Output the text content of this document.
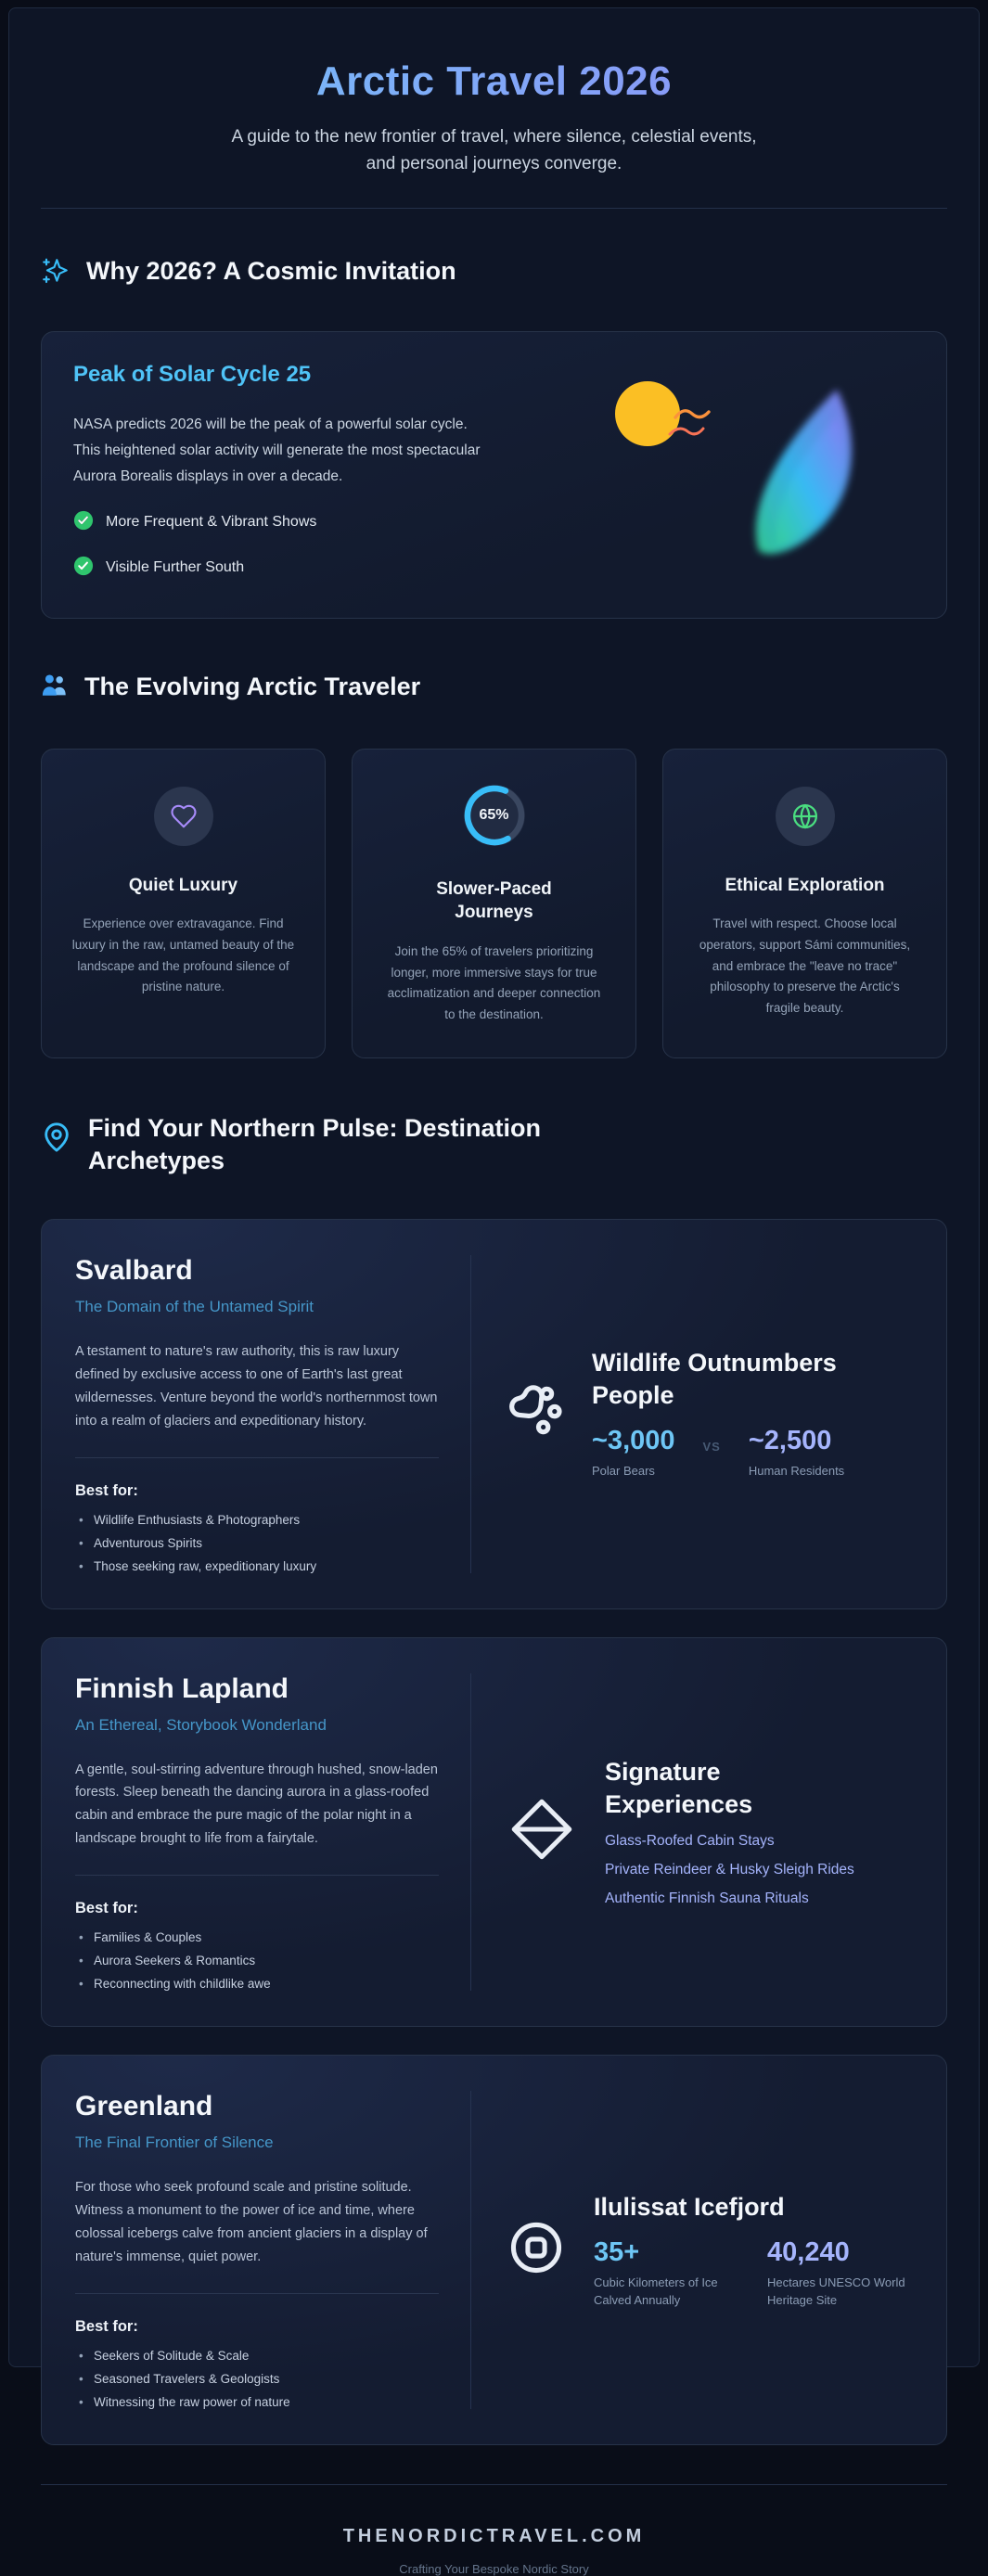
Arctic Travel 2026

A guide to the new frontier of travel, where silence, celestial events, and personal journeys converge.

Why 2026? A Cosmic Invitation
Peak of Solar Cycle 25

NASA predicts 2026 will be the peak of a powerful solar cycle. This heightened solar activity will generate the most spectacular Aurora Borealis displays in over a decade.

More Frequent & Vibrant Shows
Visible Further South
The Evolving Arctic Traveler
Quiet Luxury

Experience over extravagance. Find luxury in the raw, untamed beauty of the landscape and the profound silence of pristine nature.

65%
Slower-Paced Journeys

Join the 65% of travelers prioritizing longer, more immersive stays for true acclimatization and deeper connection to the destination.

Ethical Exploration

Travel with respect. Choose local operators, support Sámi communities, and embrace the "leave no trace" philosophy to preserve the Arctic's fragile beauty.

Find Your Northern Pulse: Destination Archetypes
Svalbard
The Domain of the Untamed Spirit

A testament to nature's raw authority, this is raw luxury defined by exclusive access to one of Earth's last great wildernesses. Venture beyond the world's northernmost town into a realm of glaciers and expeditionary history.

Best for:
• Wildlife Enthusiasts & Photographers
• Adventurous Spirits
• Those seeking raw, expeditionary luxury
Wildlife Outnumbers People
~3,000
Polar Bears
VS ~2,500
Human Residents
Finnish Lapland
An Ethereal, Storybook Wonderland

A gentle, soul-stirring adventure through hushed, snow-laden forests. Sleep beneath the dancing aurora in a glass-roofed cabin and embrace the pure magic of the polar night in a landscape brought to life from a fairytale.

Best for:
• Families & Couples
• Aurora Seekers & Romantics
• Reconnecting with childlike awe
Signature Experiences
Glass-Roofed Cabin Stays
Private Reindeer & Husky Sleigh Rides
Authentic Finnish Sauna Rituals
Greenland
The Final Frontier of Silence

For those who seek profound scale and pristine solitude. Witness a monument to the power of ice and time, where colossal icebergs calve from ancient glaciers in a display of nature's immense, quiet power.

Best for:
• Seekers of Solitude & Scale
• Seasoned Travelers & Geologists
• Witnessing the raw power of nature
Ilulissat Icefjord
35+
Cubic Kilometers of Ice Calved Annually
40,240
Hectares UNESCO World Heritage Site
THENORDICTRAVEL.COM
Crafting Your Bespoke Nordic Story
